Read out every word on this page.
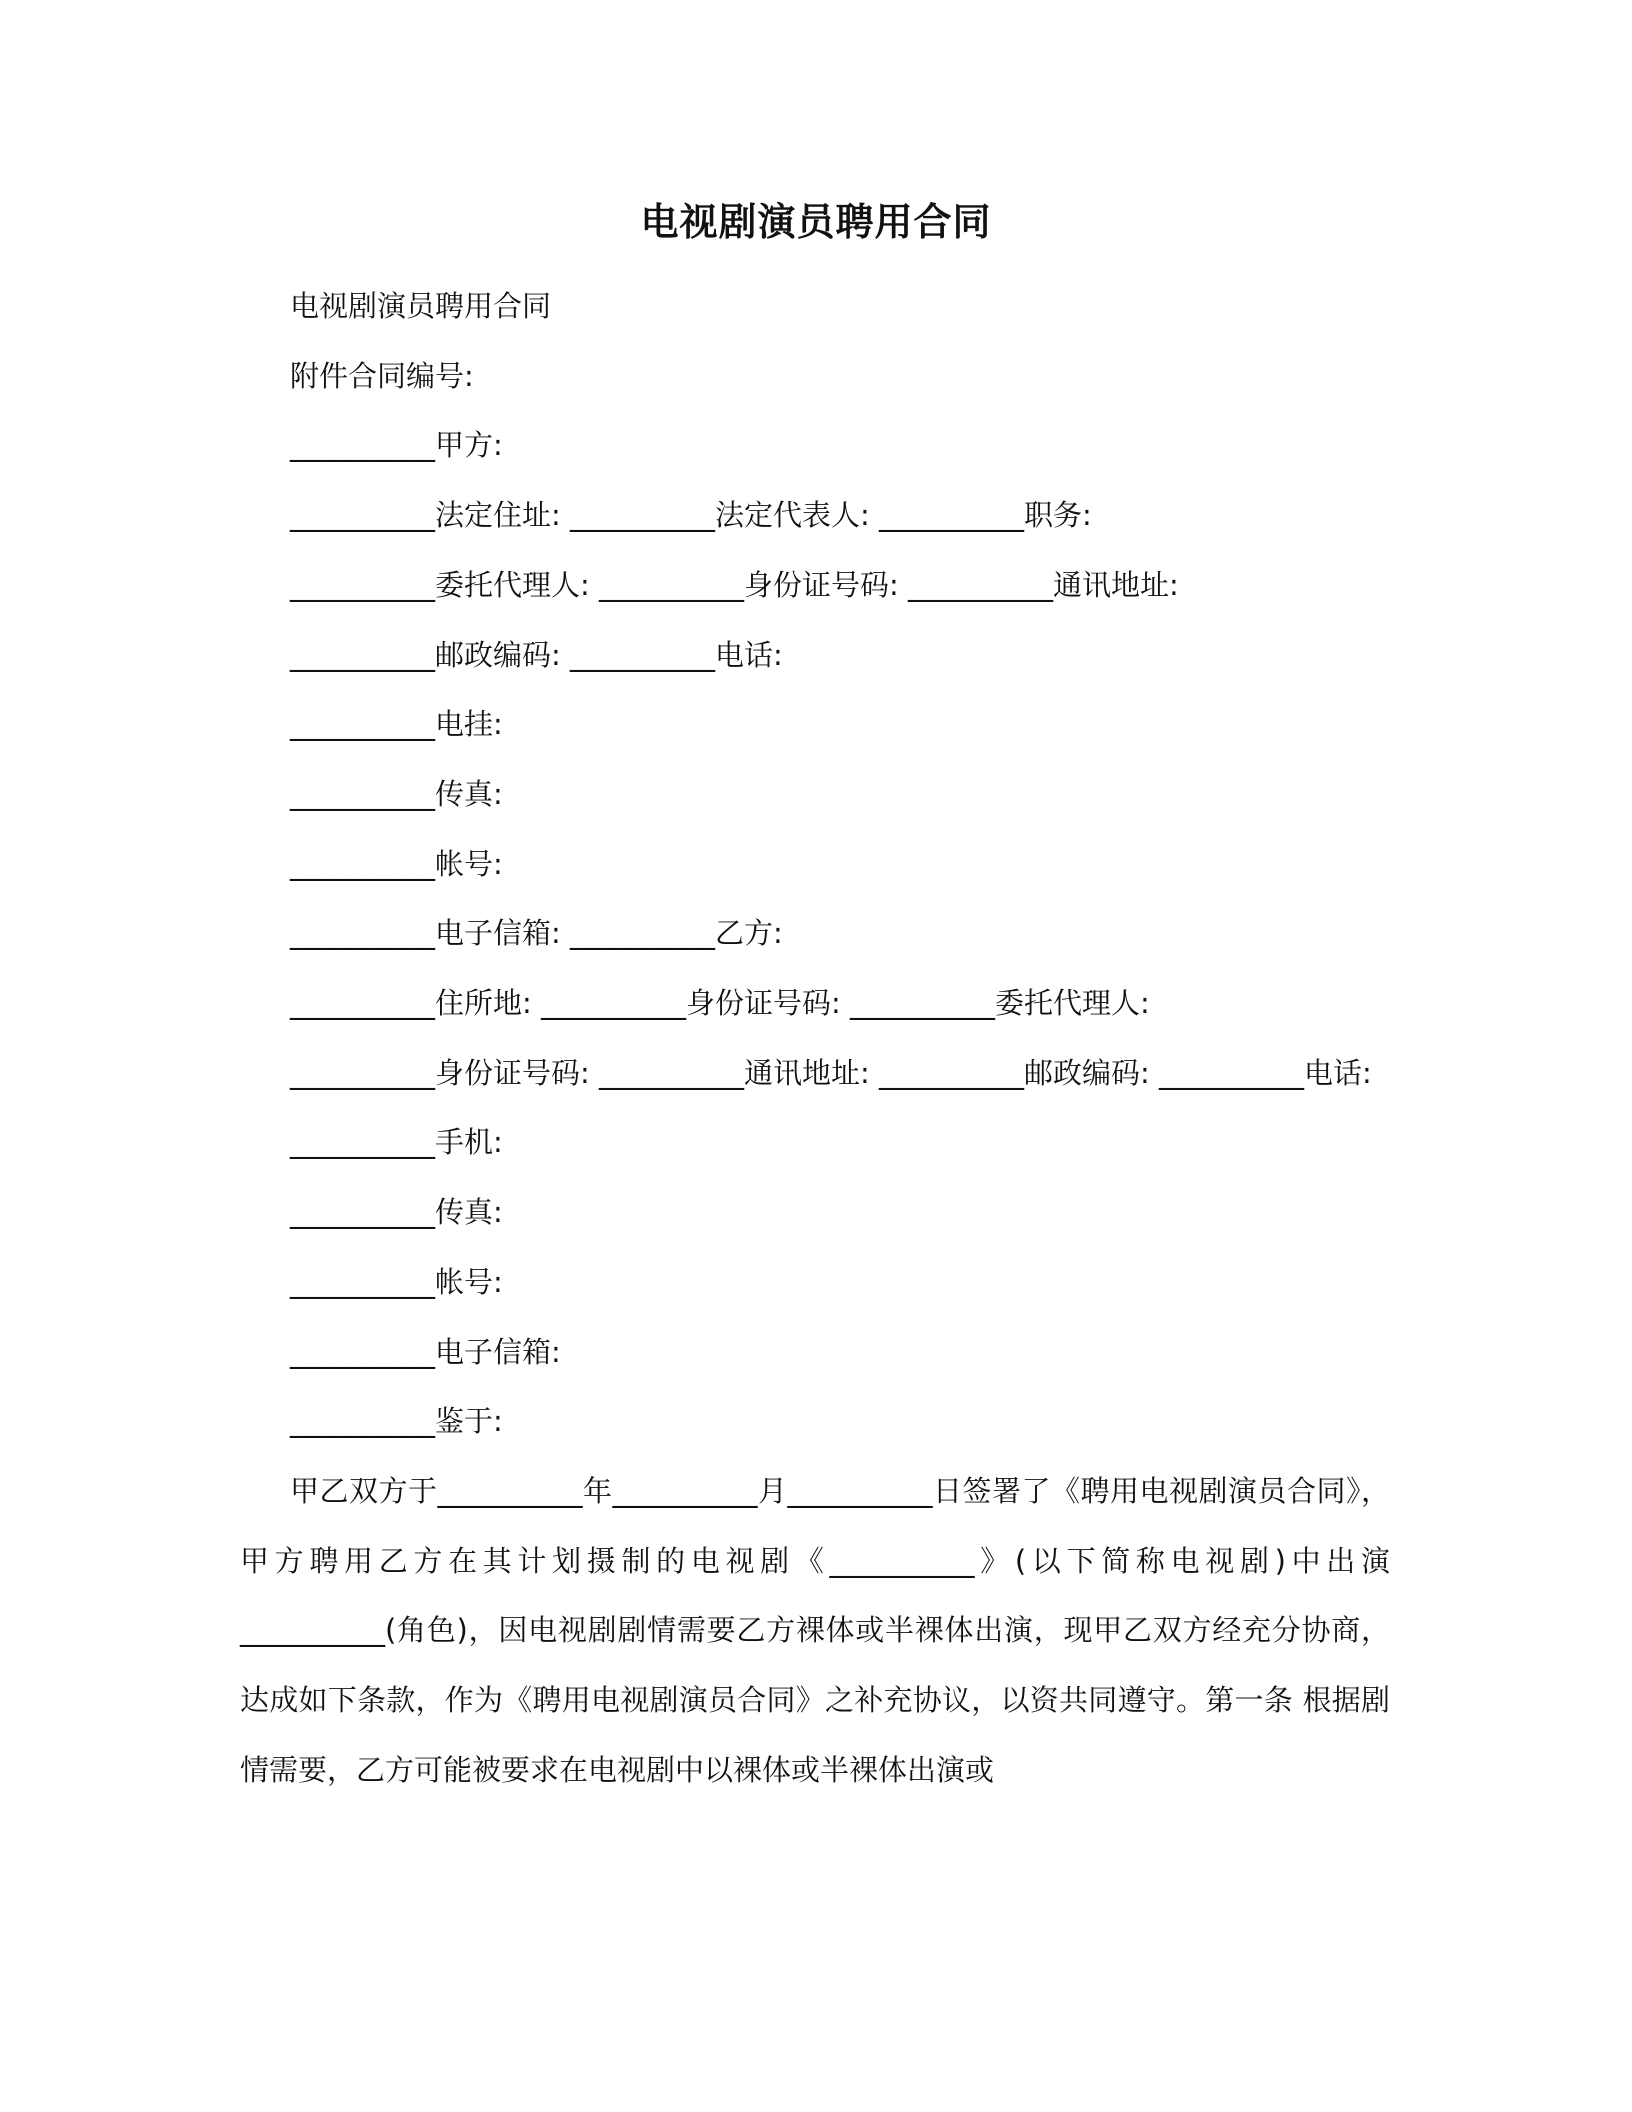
电视剧演员聘用合同

电视剧演员聘用合同

附件合同编号:

__________甲方:

__________法定住址: __________法定代表人: __________职务:

__________委托代理人: __________身份证号码: __________通讯地址:

__________邮政编码: __________电话:

__________电挂:

__________传真:

__________帐号:

__________电子信箱: __________乙方:

__________住所地: __________身份证号码: __________委托代理人:

__________身份证号码: __________通讯地址: __________邮政编码: __________电话:

__________手机:

__________传真:

__________帐号:

__________电子信箱:

__________鉴于:

甲乙双方于__________年__________月__________日签署了《聘用电视剧演员合同》，甲方聘用乙方在其计划摄制的电视剧《__________》(以下简称电视剧)中出演__________(角色)，因电视剧剧情需要乙方裸体或半裸体出演，现甲乙双方经充分协商，达成如下条款，作为《聘用电视剧演员合同》之补充协议，以资共同遵守。第一条 根据剧情需要，乙方可能被要求在电视剧中以裸体或半裸体出演或
